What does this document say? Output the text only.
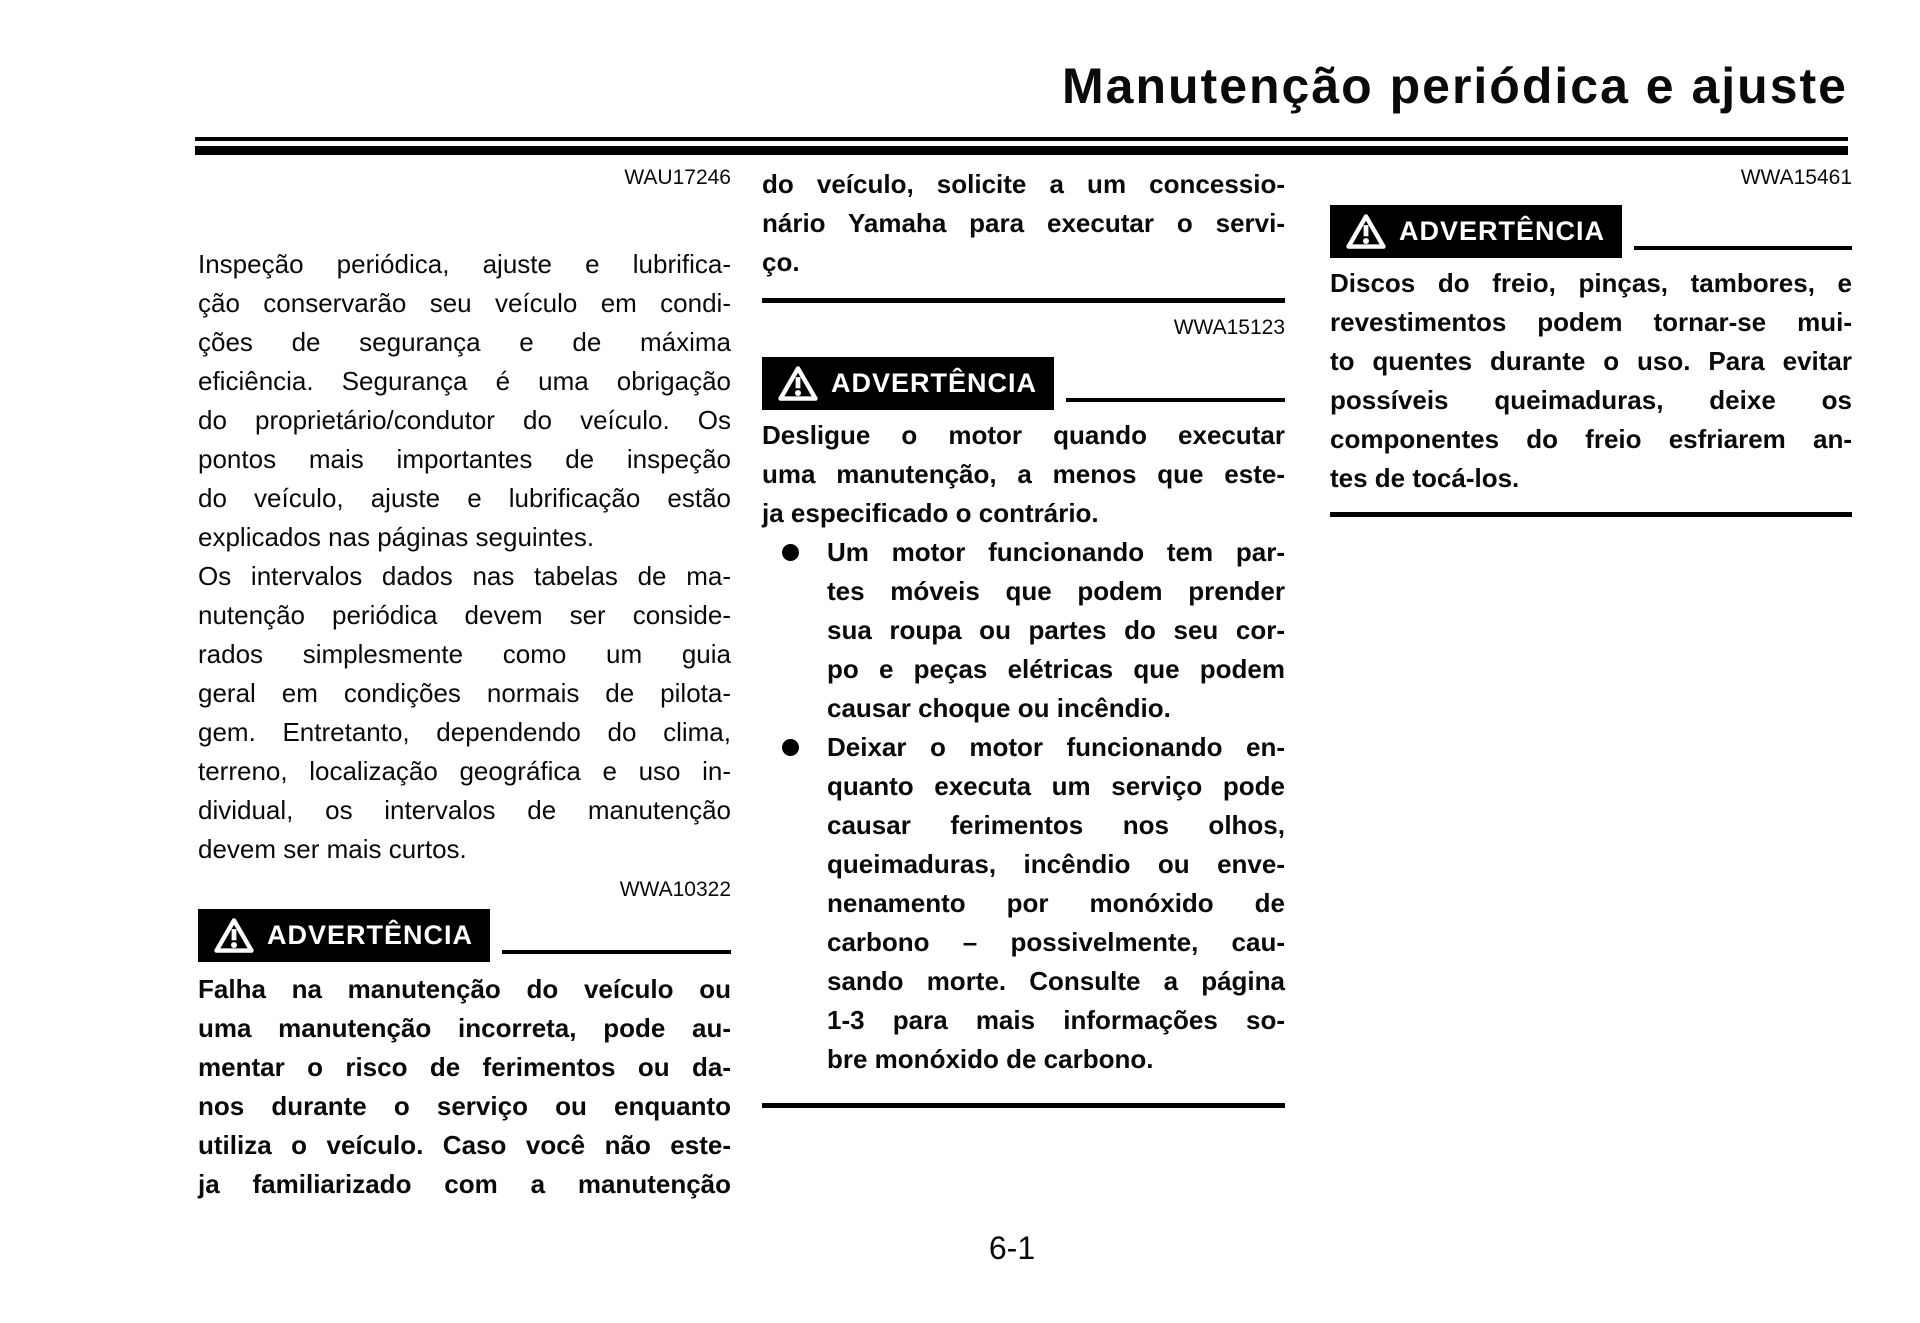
Manutenção periódica e ajuste
WAU17246
Inspeção periódica, ajuste e lubrifica-
ção conservarão seu veículo em condi-
ções de segurança e de máxima
eficiência. Segurança é uma obrigação
do proprietário/condutor do veículo. Os
pontos mais importantes de inspeção
do veículo, ajuste e lubrificação estão
explicados nas páginas seguintes.
Os intervalos dados nas tabelas de ma-
nutenção periódica devem ser conside-
rados simplesmente como um guia
geral em condições normais de pilota-
gem. Entretanto, dependendo do clima,
terreno, localização geográfica e uso in-
dividual, os intervalos de manutenção
devem ser mais curtos.
WWA10322
ADVERTÊNCIA
Falha na manutenção do veículo ou
uma manutenção incorreta, pode au-
mentar o risco de ferimentos ou da-
nos durante o serviço ou enquanto
utiliza o veículo. Caso você não este-
ja familiarizado com a manutenção
do veículo, solicite a um concessio-
nário Yamaha para executar o servi-
ço.
WWA15123
ADVERTÊNCIA
Desligue o motor quando executar
uma manutenção, a menos que este-
ja especificado o contrário.
Um motor funcionando tem par-
tes móveis que podem prender
sua roupa ou partes do seu cor-
po e peças elétricas que podem
causar choque ou incêndio.
Deixar o motor funcionando en-
quanto executa um serviço pode
causar ferimentos nos olhos,
queimaduras, incêndio ou enve-
nenamento por monóxido de
carbono – possivelmente, cau-
sando morte. Consulte a página
1-3 para mais informações so-
bre monóxido de carbono.
WWA15461
ADVERTÊNCIA
Discos do freio, pinças, tambores, e
revestimentos podem tornar-se mui-
to quentes durante o uso. Para evitar
possíveis queimaduras, deixe os
componentes do freio esfriarem an-
tes de tocá-los.
6-1
